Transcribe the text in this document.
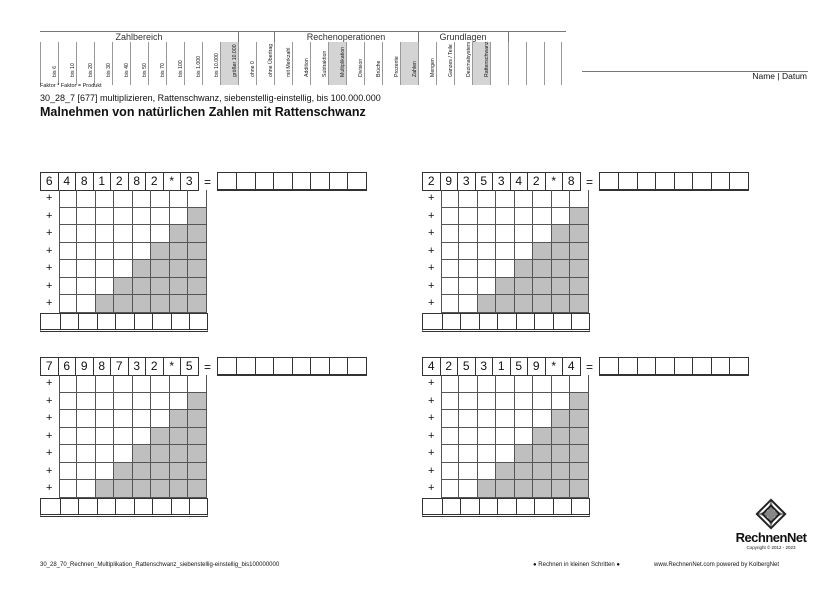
Zahlbereich	Rechenoperationen	Grundlagen
bis 6 bis 10 bis 20 bis 30 bis 40 bis 50 bis 70 bis 100 bis 1.000 bis 10.000 größer 10.000 ohne 0 ohne Übertrag mit Merkzahl Addition Subtraktion Multiplikation Division Brüche Prozente Zahlen Mengen Ganzes / Teile Dezimalsystem Rattenschwanz	Name | Datum
Faktor * Faktor = Produkt
30_28_7 [677] multiplizieren, Rattenschwanz, siebenstellig-einstellig, bis 100.000.000
Malnehmen von natürlichen Zahlen mit Rattenschwanz
6 4 8 1 2 8 2 * 3 =
+
+
+
+
+
+
+
2 9 3 5 3 4 2 * 8 =
+
+
+
+
+
+
+
7 6 9 8 7 3 2 * 5 =
+
+
+
+
+
+
+
4 2 5 3 1 5 9 * 4 =
+
+
+
+
+
+
+
RechnenNet
Copyright © 2012 - 2023
30_28_70_Rechnen_Multiplikation_Rattenschwanz_siebenstellig-einstellig_bis100000000	● Rechnen in kleinen Schritten ●	www.RechnenNet.com powered by KolbergNet
